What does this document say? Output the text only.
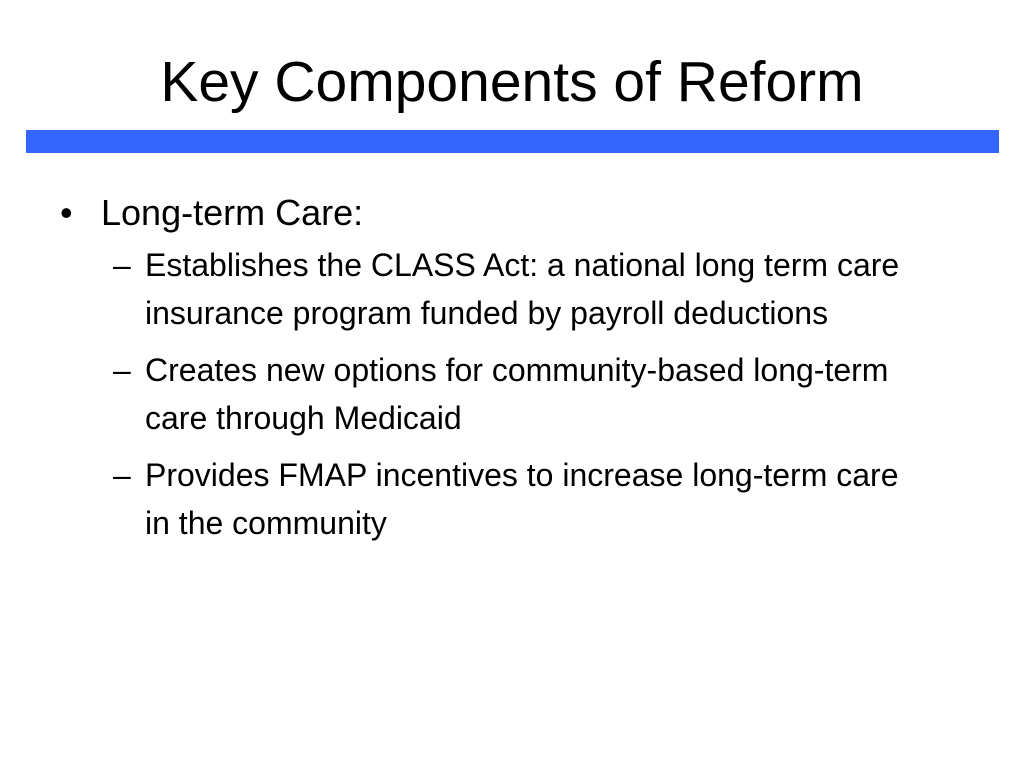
Key Components of Reform
• Long-term Care:
– Establishes the CLASS Act: a national long term care insurance program funded by payroll deductions
– Creates new options for community-based long-term care through Medicaid
– Provides FMAP incentives to increase long-term care in the community
